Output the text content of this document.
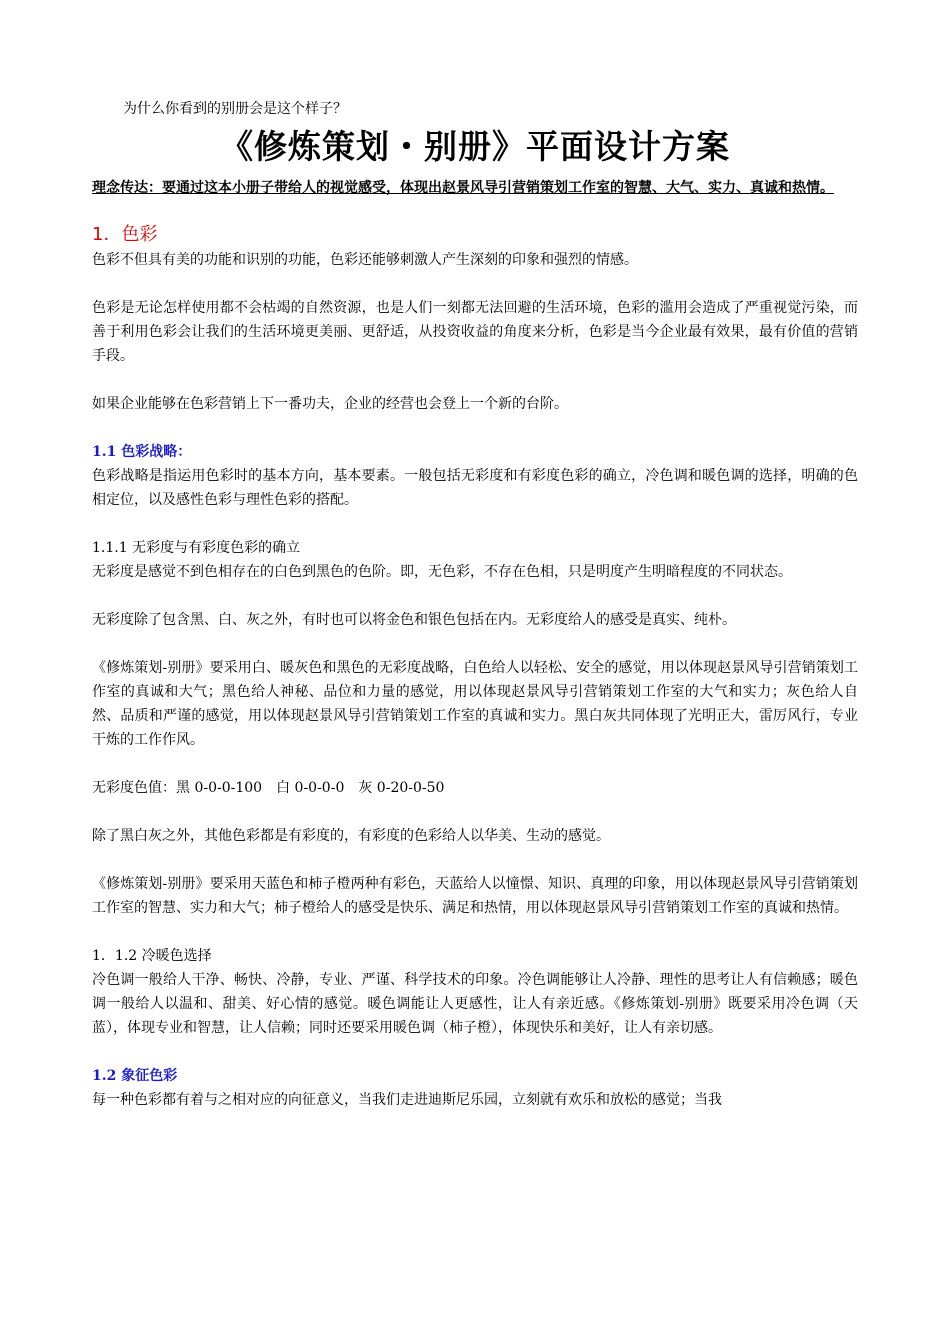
为什么你看到的别册会是这个样子？
《修炼策划・别册》平面设计方案

理念传达：要通过这本小册子带给人的视觉感受，体现出赵景风导引营销策划工作室的智慧、大气、实力、真诚和热情。

1．色彩

色彩不但具有美的功能和识别的功能，色彩还能够刺激人产生深刻的印象和强烈的情感。

色彩是无论怎样使用都不会枯竭的自然资源，也是人们一刻都无法回避的生活环境，色彩的滥用会造成了严重视觉污染，而善于利用色彩会让我们的生活环境更美丽、更舒适，从投资收益的角度来分析，色彩是当今企业最有效果，最有价值的营销手段。

如果企业能够在色彩营销上下一番功夫，企业的经营也会登上一个新的台阶。

1.1 色彩战略：

色彩战略是指运用色彩时的基本方向，基本要素。一般包括无彩度和有彩度色彩的确立，冷色调和暖色调的选择，明确的色相定位，以及感性色彩与理性色彩的搭配。

1.1.1 无彩度与有彩度色彩的确立

无彩度是感觉不到色相存在的白色到黑色的色阶。即，无色彩，不存在色相，只是明度产生明暗程度的不同状态。

无彩度除了包含黑、白、灰之外，有时也可以将金色和银色包括在内。无彩度给人的感受是真实、纯朴。

《修炼策划-别册》要采用白、暖灰色和黑色的无彩度战略，白色给人以轻松、安全的感觉，用以体现赵景风导引营销策划工作室的真诚和大气；黑色给人神秘、品位和力量的感觉，用以体现赵景风导引营销策划工作室的大气和实力；灰色给人自然、品质和严谨的感觉，用以体现赵景风导引营销策划工作室的真诚和实力。黑白灰共同体现了光明正大，雷厉风行，专业干炼的工作作风。

无彩度色值：黑 0-0-0-100　白 0-0-0-0　灰 0-20-0-50

除了黑白灰之外，其他色彩都是有彩度的，有彩度的色彩给人以华美、生动的感觉。

《修炼策划-别册》要采用天蓝色和柿子橙两种有彩色，天蓝给人以憧憬、知识、真理的印象，用以体现赵景风导引营销策划工作室的智慧、实力和大气；柿子橙给人的感受是快乐、满足和热情，用以体现赵景风导引营销策划工作室的真诚和热情。

1．1.2 冷暖色选择

冷色调一般给人干净、畅快、冷静，专业、严谨、科学技术的印象。冷色调能够让人冷静、理性的思考让人有信赖感；暖色调一般给人以温和、甜美、好心情的感觉。暖色调能让人更感性，让人有亲近感。《修炼策划-别册》既要采用冷色调（天蓝），体现专业和智慧，让人信赖；同时还要采用暖色调（柿子橙），体现快乐和美好，让人有亲切感。

1.2 象征色彩

每一种色彩都有着与之相对应的向征意义，当我们走进迪斯尼乐园，立刻就有欢乐和放松的感觉；当我
